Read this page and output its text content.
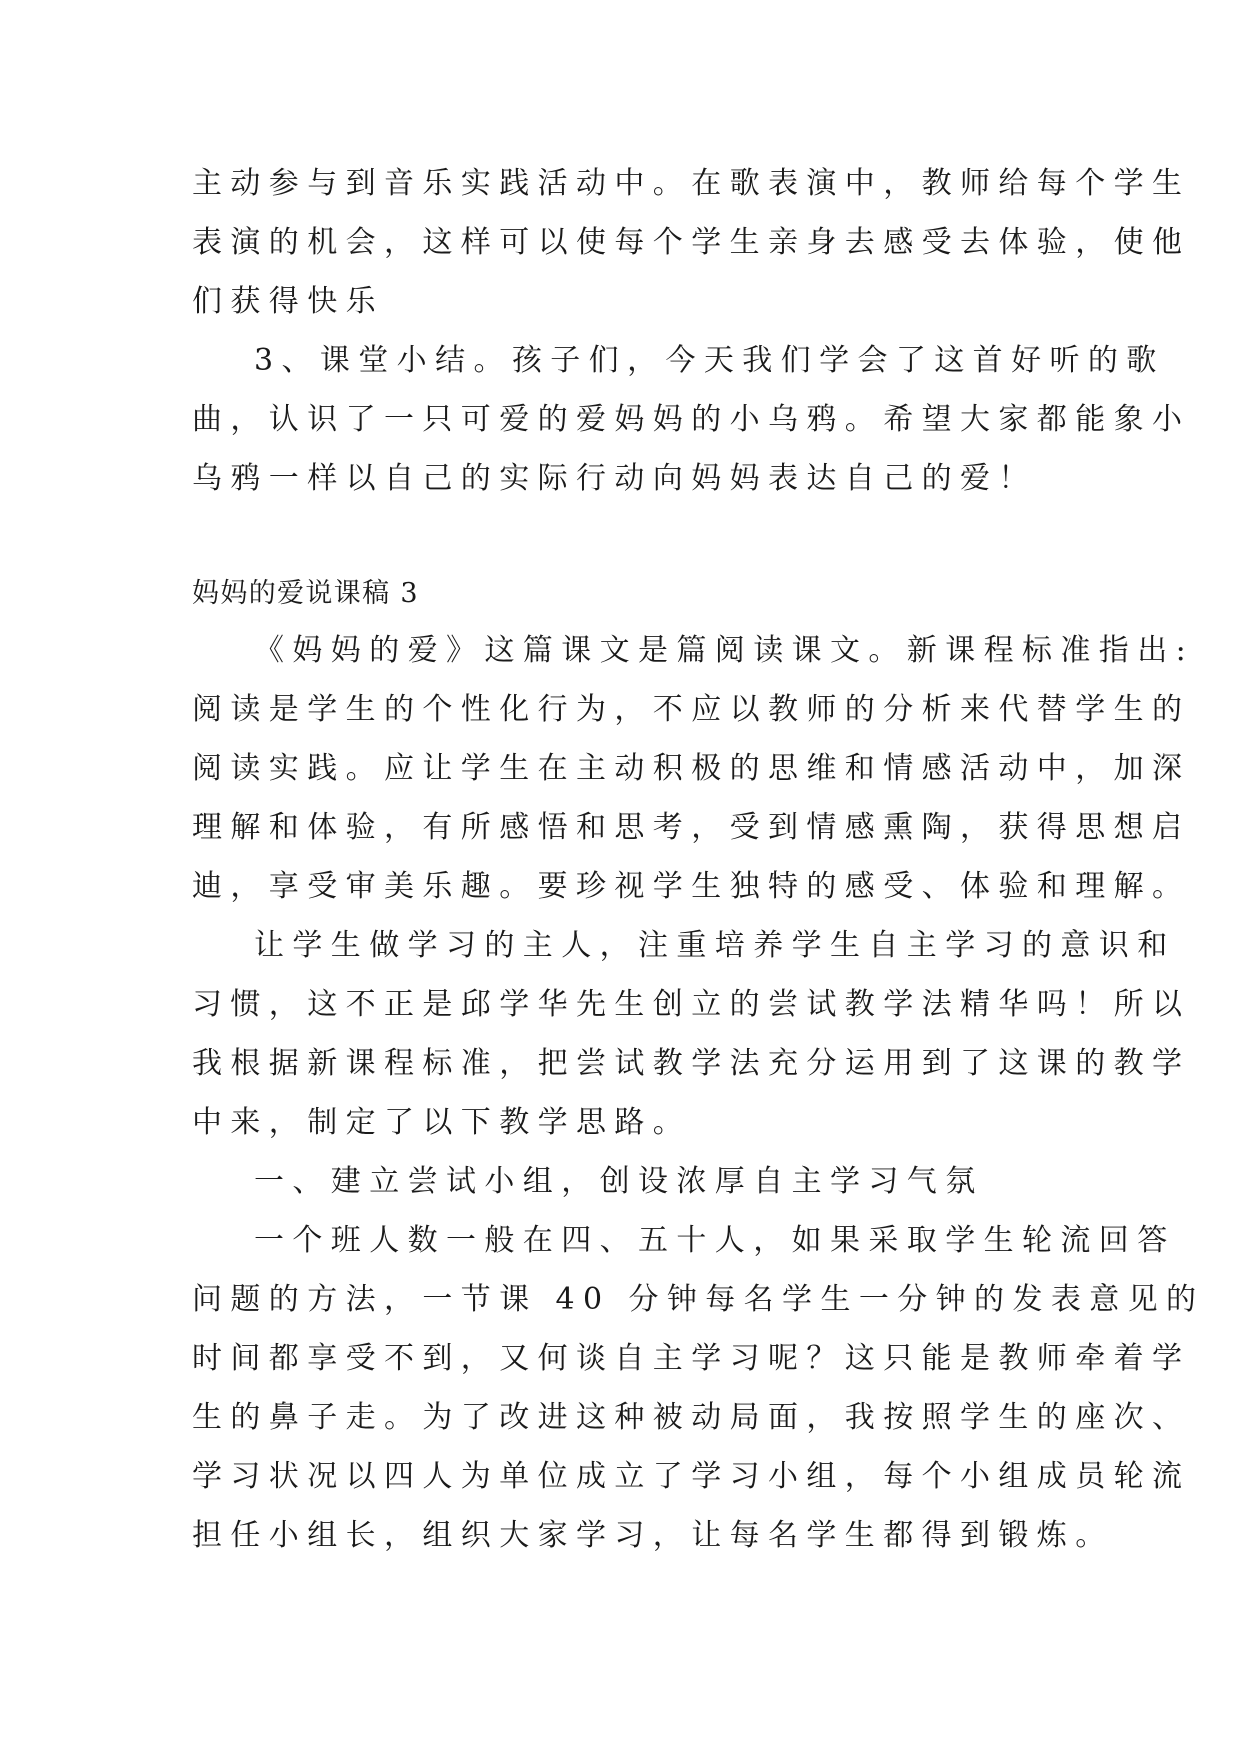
主动参与到音乐实践活动中。在歌表演中，教师给每个学生
表演的机会，这样可以使每个学生亲身去感受去体验，使他
们获得快乐
3、课堂小结。孩子们，今天我们学会了这首好听的歌
曲，认识了一只可爱的爱妈妈的小乌鸦。希望大家都能象小
乌鸦一样以自己的实际行动向妈妈表达自己的爱！
妈妈的爱说课稿 3
《妈妈的爱》这篇课文是篇阅读课文。新课程标准指出:
阅读是学生的个性化行为，不应以教师的分析来代替学生的
阅读实践。应让学生在主动积极的思维和情感活动中，加深
理解和体验，有所感悟和思考，受到情感熏陶，获得思想启
迪，享受审美乐趣。要珍视学生独特的感受、体验和理解。
让学生做学习的主人，注重培养学生自主学习的意识和
习惯，这不正是邱学华先生创立的尝试教学法精华吗！所以
我根据新课程标准，把尝试教学法充分运用到了这课的教学
中来，制定了以下教学思路。
一、建立尝试小组，创设浓厚自主学习气氛
一个班人数一般在四、五十人，如果采取学生轮流回答
问题的方法，一节课 40 分钟每名学生一分钟的发表意见的
时间都享受不到，又何谈自主学习呢？这只能是教师牵着学
生的鼻子走。为了改进这种被动局面，我按照学生的座次、
学习状况以四人为单位成立了学习小组，每个小组成员轮流
担任小组长，组织大家学习，让每名学生都得到锻炼。
